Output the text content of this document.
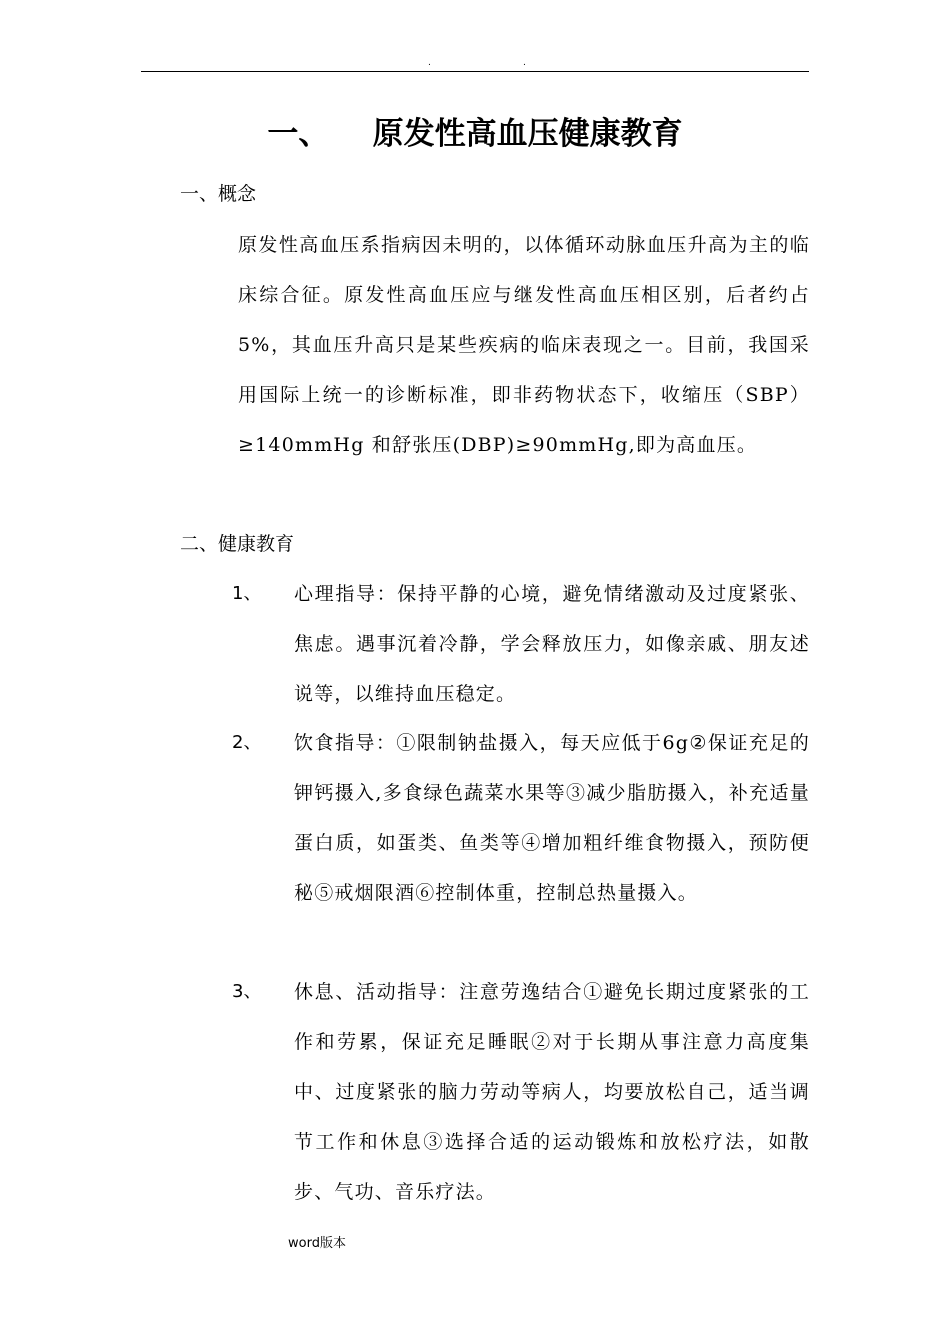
.	.
一、    原发性高血压健康教育
一、概念
原发性高血压系指病因未明的，以体循环动脉血压升高为主的临床综合征。原发性高血压应与继发性高血压相区别，后者约占5%，其血压升高只是某些疾病的临床表现之一。目前，我国采用国际上统一的诊断标准，即非药物状态下，收缩压（SBP）≥140mmHg 和舒张压(DBP)≥90mmHg,即为高血压。
二、健康教育
1、 心理指导：保持平静的心境，避免情绪激动及过度紧张、焦虑。遇事沉着冷静，学会释放压力，如像亲戚、朋友述说等，以维持血压稳定。
2、 饮食指导：①限制钠盐摄入，每天应低于6g②保证充足的钾钙摄入,多食绿色蔬菜水果等③减少脂肪摄入，补充适量蛋白质，如蛋类、鱼类等④增加粗纤维食物摄入，预防便秘⑤戒烟限酒⑥控制体重，控制总热量摄入。
3、 休息、活动指导：注意劳逸结合①避免长期过度紧张的工作和劳累，保证充足睡眠②对于长期从事注意力高度集中、过度紧张的脑力劳动等病人，均要放松自己，适当调节工作和休息③选择合适的运动锻炼和放松疗法，如散步、气功、音乐疗法。
word版本
